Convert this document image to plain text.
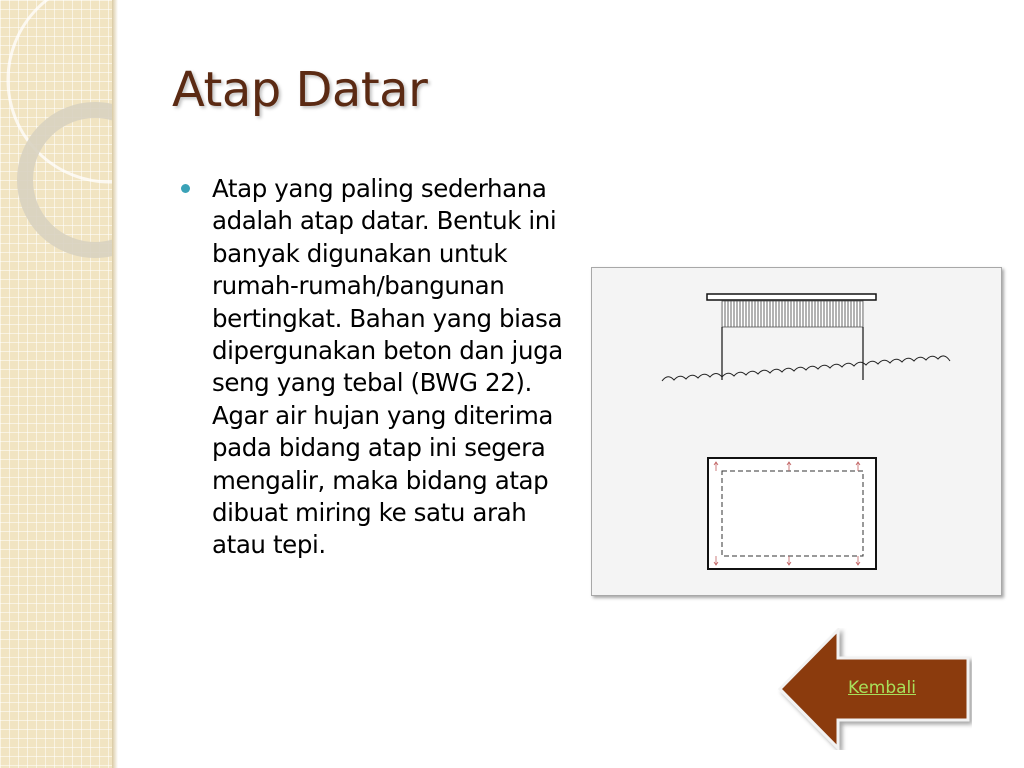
Atap Datar

Atap yang paling sederhana adalah atap datar. Bentuk ini banyak digunakan untuk rumah-rumah/bangunan bertingkat. Bahan yang biasa dipergunakan beton dan juga seng yang tebal (BWG 22). Agar air hujan yang diterima pada bidang atap ini segera mengalir, maka bidang atap dibuat miring ke satu arah atau tepi.

Kembali
